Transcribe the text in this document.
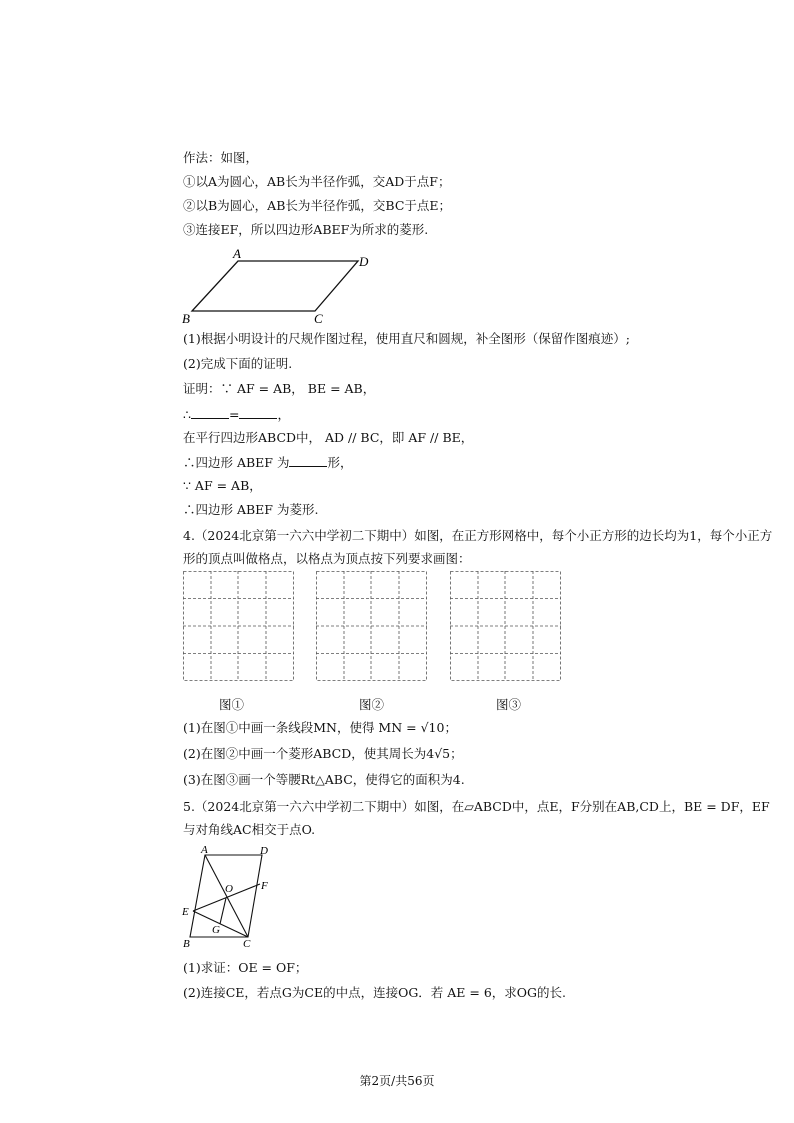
作法：如图，
①以A为圆心，AB长为半径作弧，交AD于点F；
②以B为圆心，AB长为半径作弧，交BC于点E；
③连接EF，所以四边形ABEF为所求的菱形.
A
D
B	C
(1)根据小明设计的尺规作图过程，使用直尺和圆规，补全图形（保留作图痕迹）;
(2)完成下面的证明.
证明：∵ AF = AB， BE = AB，
∴	=	，
在平行四边形ABCD中， AD // BC，即 AF // BE，
∴四边形 ABEF 为	形，
∵ AF = AB，
∴四边形 ABEF 为菱形.
4.（2024北京第一六六中学初二下期中）如图，在正方形网格中，每个小正方形的边长均为1，每个小正方
形的顶点叫做格点，以格点为顶点按下列要求画图：
图①	图②	图③
(1)在图①中画一条线段MN，使得 MN = √10；
(2)在图②中画一个菱形ABCD，使其周长为4√5；
(3)在图③画一个等腰Rt△ABC，使得它的面积为4.
5.（2024北京第一六六中学初二下期中）如图，在▱ABCD中，点E，F分别在AB,CD上，BE = DF，EF
与对角线AC相交于点O.
A	D
O	F
E
G
B	C
(1)求证：OE = OF；
(2)连接CE，若点G为CE的中点，连接OG．若 AE = 6，求OG的长.
第2页/共56页
